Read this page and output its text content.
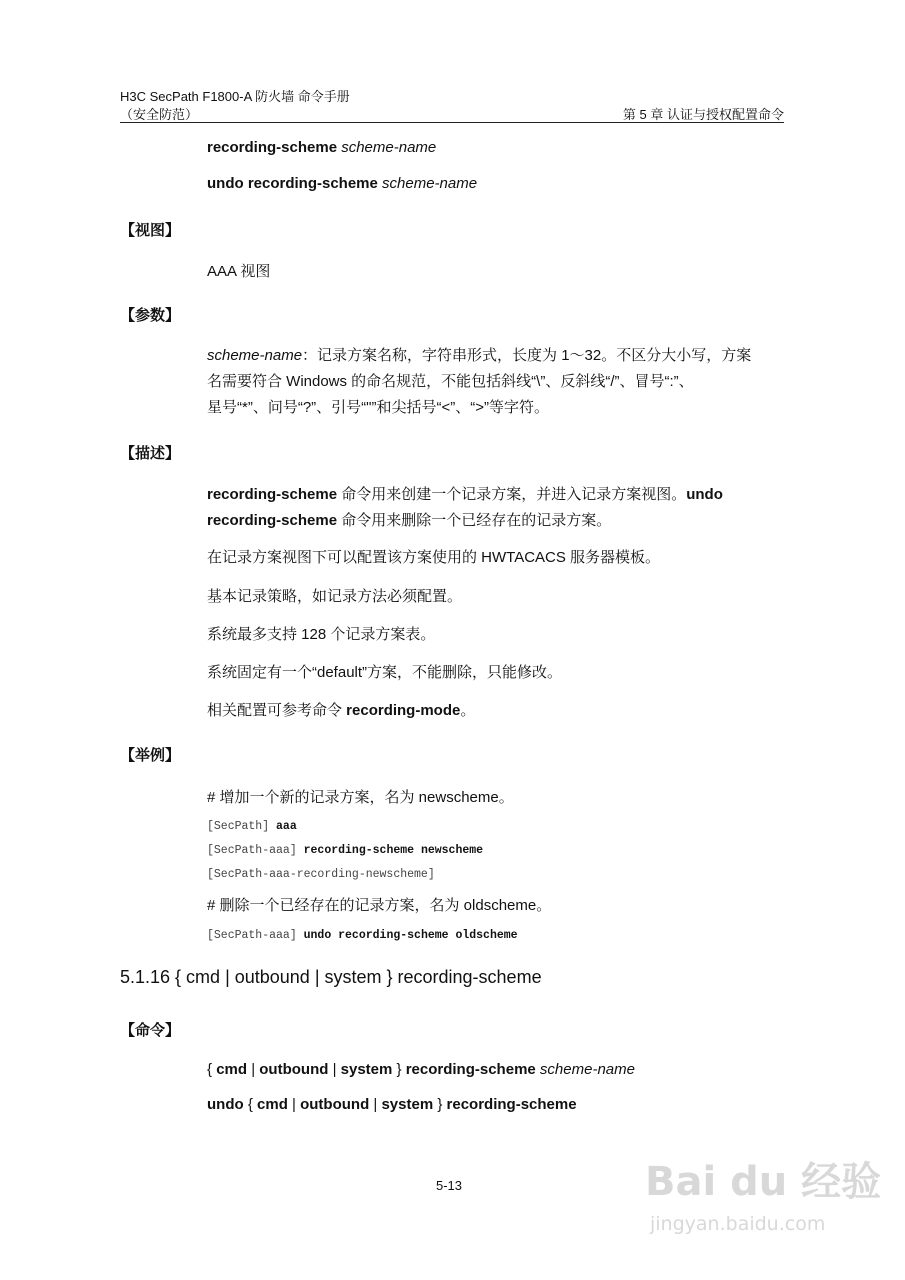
H3C SecPath F1800-A 防火墙 命令手册
（安全防范）	第 5 章 认证与授权配置命令
recording-scheme scheme-name
undo recording-scheme scheme-name
【视图】
AAA 视图
【参数】
scheme-name：记录方案名称，字符串形式，长度为 1～32。不区分大小写，方案
名需要符合 Windows 的命名规范，不能包括斜线“\”、反斜线“/”、冒号“:”、
星号“*”、问号“?”、引号“"”和尖括号“<”、“>”等字符。
【描述】
recording-scheme 命令用来创建一个记录方案，并进入记录方案视图。undo
recording-scheme 命令用来删除一个已经存在的记录方案。
在记录方案视图下可以配置该方案使用的 HWTACACS 服务器模板。
基本记录策略，如记录方法必须配置。
系统最多支持 128 个记录方案表。
系统固定有一个“default”方案，不能删除，只能修改。
相关配置可参考命令 recording-mode。
【举例】
# 增加一个新的记录方案，名为 newscheme。
[SecPath] aaa
[SecPath-aaa] recording-scheme newscheme
[SecPath-aaa-recording-newscheme]
# 删除一个已经存在的记录方案，名为 oldscheme。
[SecPath-aaa] undo recording-scheme oldscheme
5.1.16 { cmd | outbound | system } recording-scheme
【命令】
{ cmd | outbound | system } recording-scheme scheme-name
undo { cmd | outbound | system } recording-scheme
5-13	Bai du 经验
jingyan.baidu.com
